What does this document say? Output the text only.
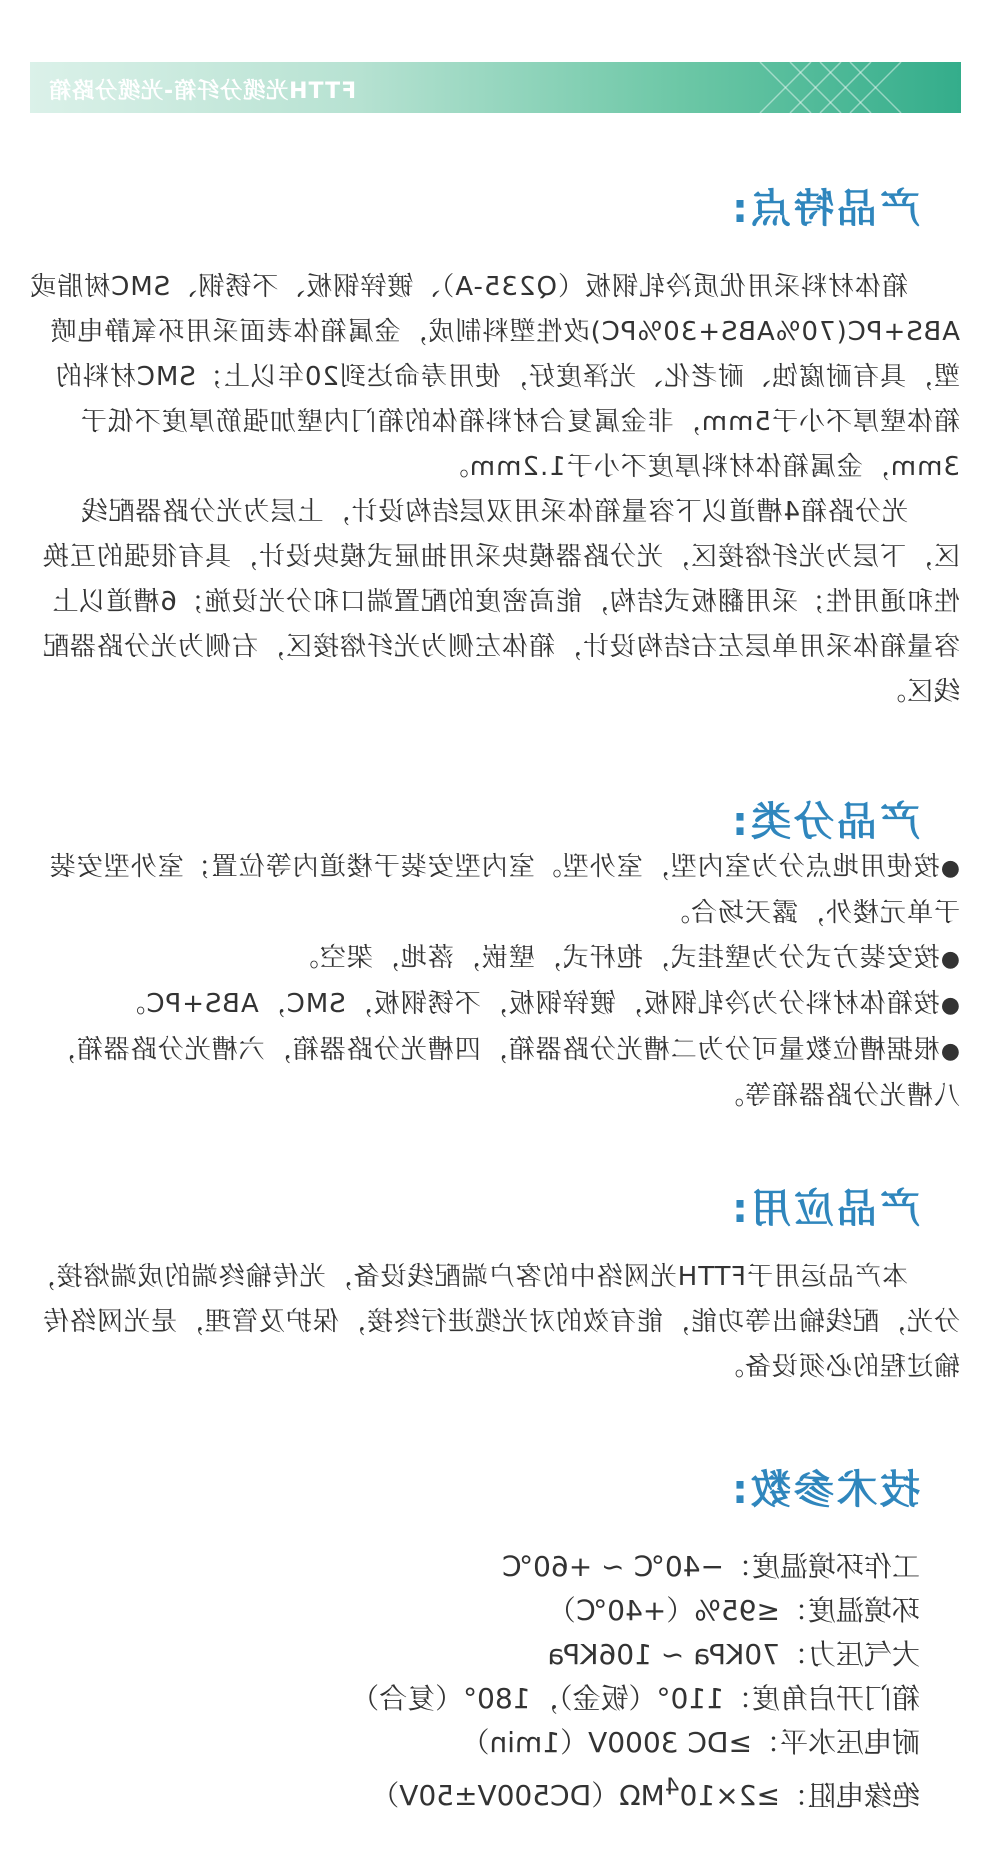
FTTH光缆分纤箱-光缆分路箱
产品特点:

箱体材料采用优质冷轧钢板（Q235-A）、镀锌钢板、不锈钢、SMC树脂或ABS+PC(70%ABS+30%PC)改性塑料制成，金属箱体表面采用环氧静电喷塑，具有耐腐蚀、耐老化、光泽度好，使用寿命达到20年以上；SMC材料的箱体壁厚不小于5mm，非金属复合材料箱体的箱门内壁加强筋厚度不低于3mm，金属箱体材料厚度不小于1.2mm。

光分路箱4槽道以下容量箱体采用双层结构设计，上层为光分路器配线区，下层为光纤熔接区，光分路器模块采用抽屉式模块设计，具有很强的互换性和通用性；采用翻板式结构，能高密度的配置端口和分光设施；6槽道以上容量箱体采用单层左右结构设计，箱体左侧为光纤熔接区，右侧为光分路器配线区。

产品分类:
●按使用地点分为室内型，室外型。室内型安装于楼道内等位置；室外型安装于单元楼外，露天场合。
●按安装方式分为壁挂式，抱杆式，壁嵌，落地，架空。
●按箱体材料分为冷轧钢板，镀锌钢板，不锈钢板，SMC，ABS+PC。
●根据槽位数量可分为二槽光分路器箱，四槽光分路器箱，六槽光分路器箱，八槽光分路器箱等。
产品应用:

本产品运用于FTTH光网络中的客户端配线设备，光传输终端的成端熔接，分光，配线输出等功能，能有效的对光缆进行终接，保护及管理，是光网络传输过程的必须设备。

技术参数:
工作环境温度：−40℃ ~ +60℃
环境温度：≤95%（+40℃）
大气压力：70KPa ~ 106KPa
箱门开启角度：110°（钣金），180°（复合）
耐电压水平：≥DC 3000V（1min）
绝缘电阻：$\ge 2\times 10^4M\Omega(DC500V\pm 50V)$
